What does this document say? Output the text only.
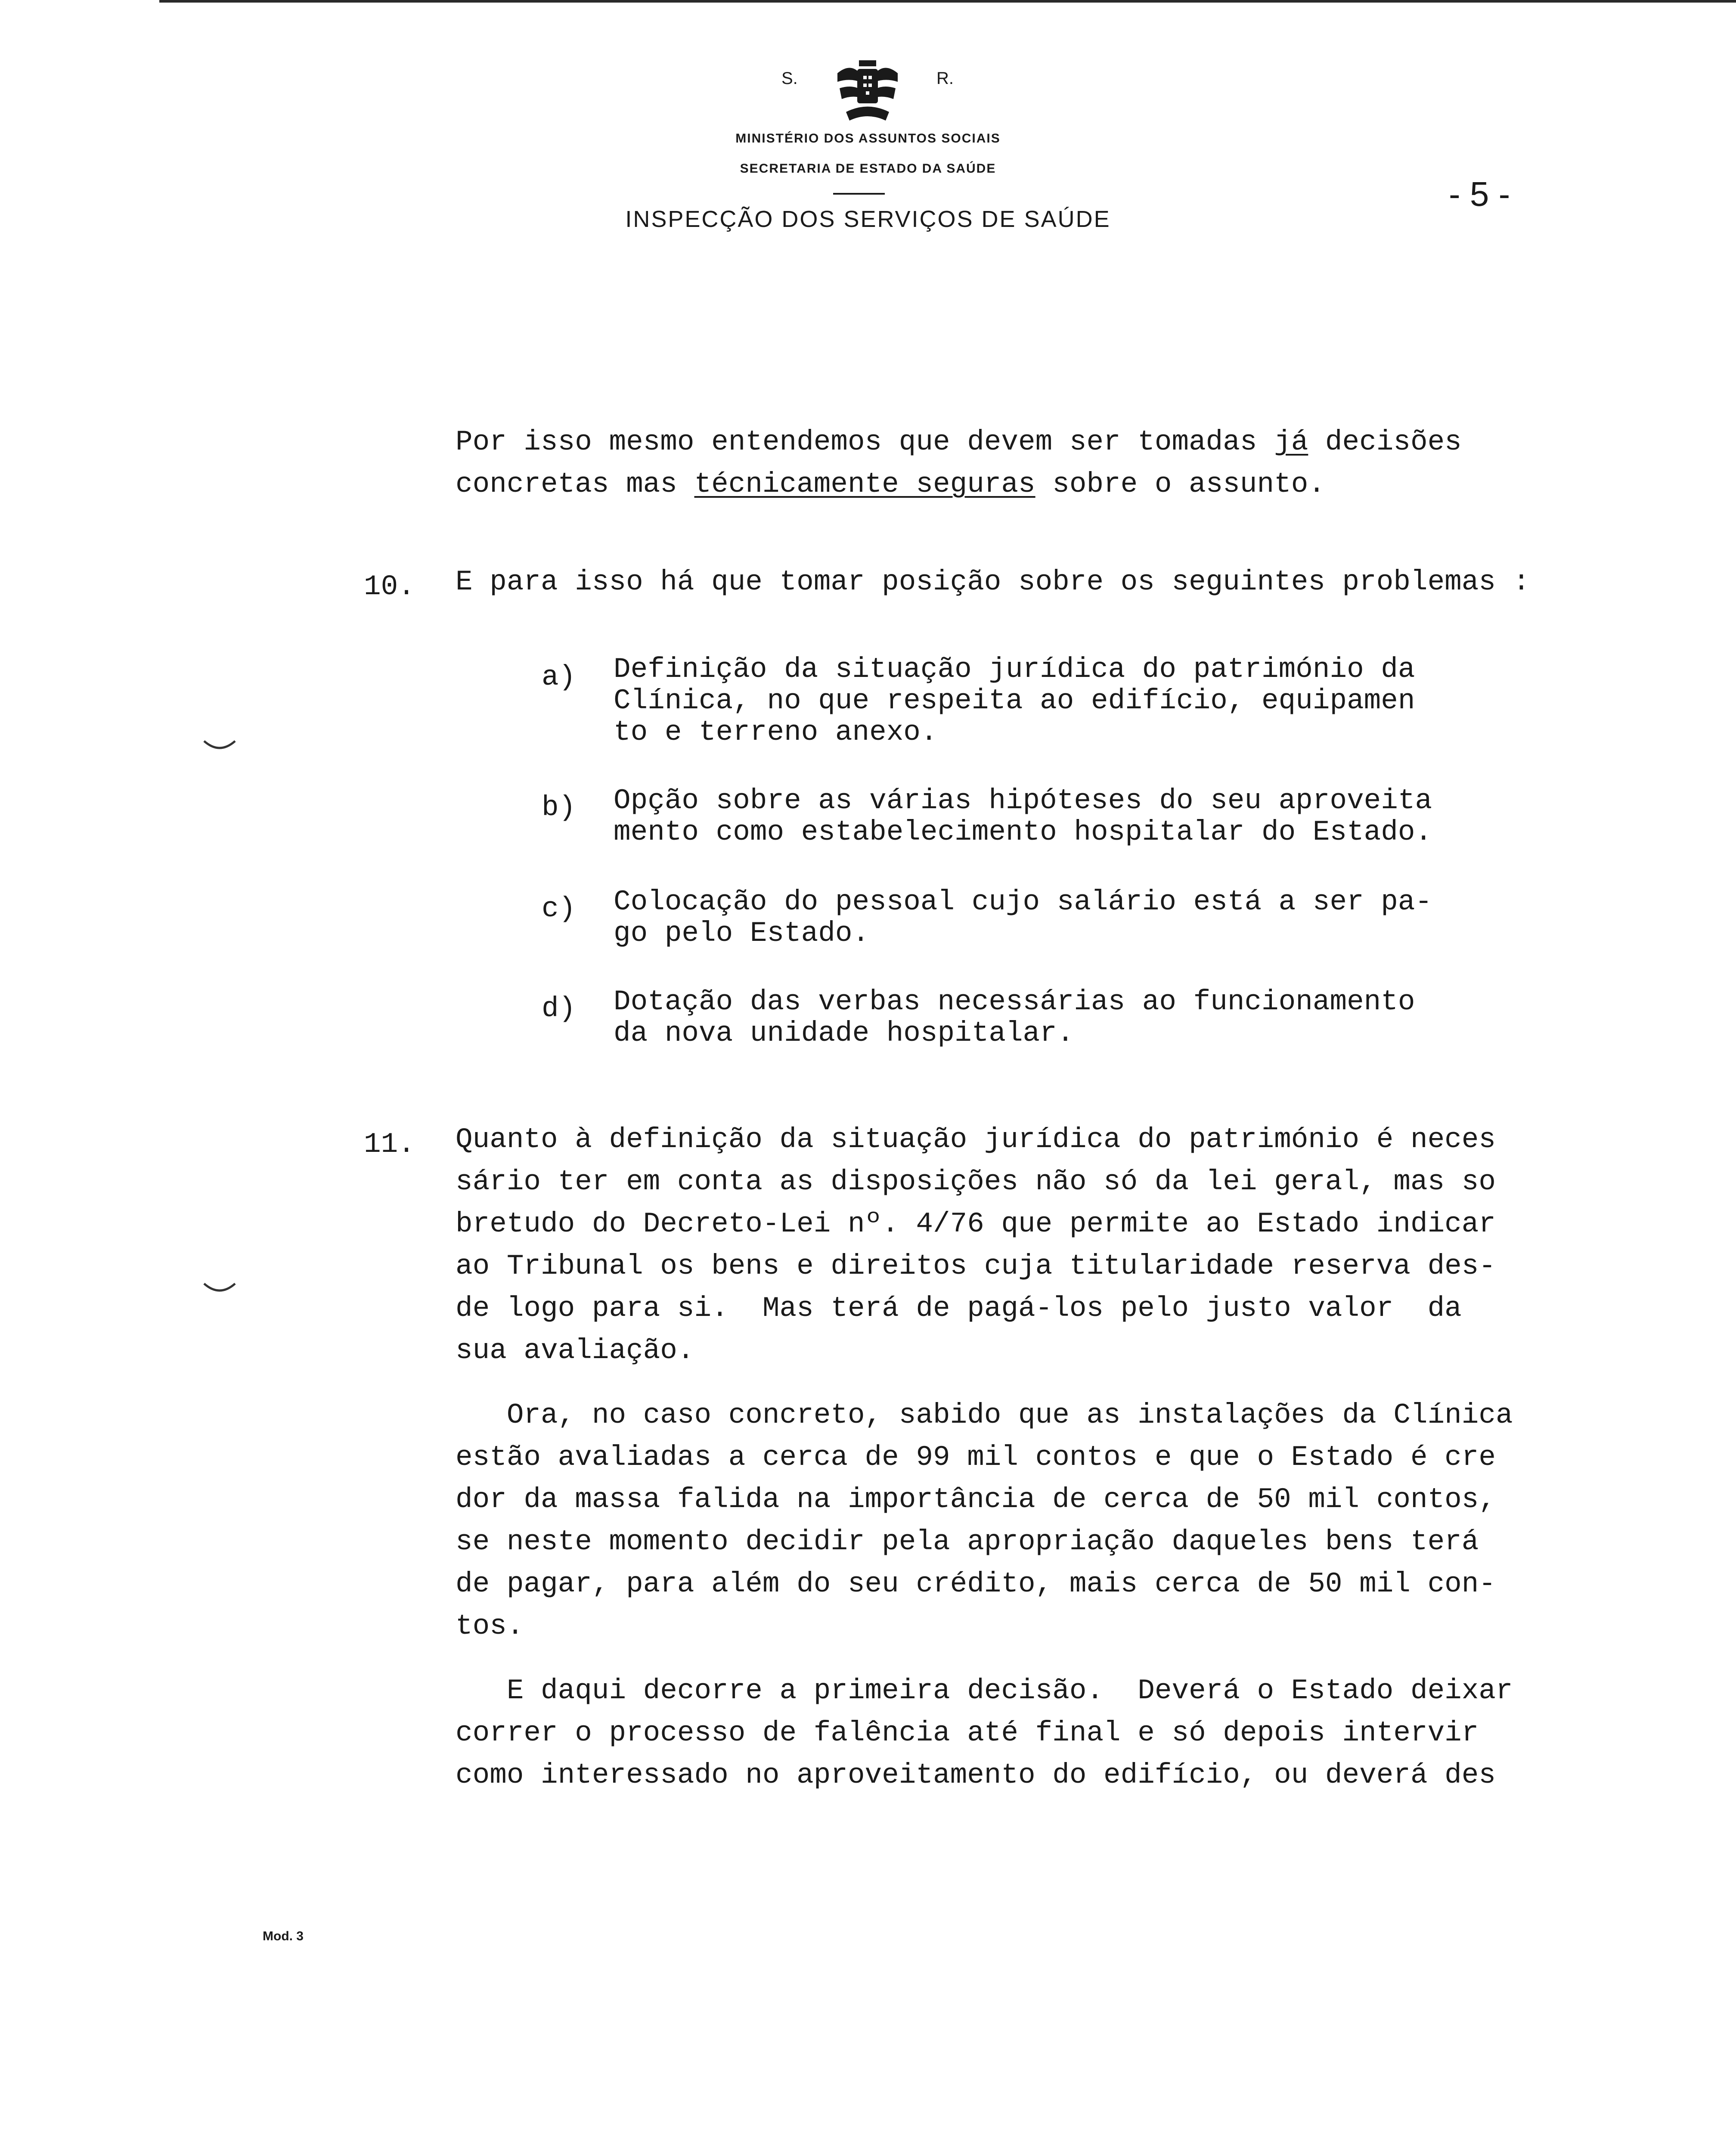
S.	R.
MINISTÉRIO DOS ASSUNTOS SOCIAIS
SECRETARIA DE ESTADO DA SAÚDE
INSPECÇÃO DOS SERVIÇOS DE SAÚDE
- 5 -
Por isso mesmo entendemos que devem ser tomadas já decisões
concretas mas técnicamente seguras sobre o assunto.
10. E para isso há que tomar posição sobre os seguintes problemas :
a) Definição da situação jurídica do património da
Clínica, no que respeita ao edifício, equipamen
to e terreno anexo.
b) Opção sobre as várias hipóteses do seu aproveita
mento como estabelecimento hospitalar do Estado.
c) Colocação do pessoal cujo salário está a ser pa-
go pelo Estado.
d) Dotação das verbas necessárias ao funcionamento
da nova unidade hospitalar.
11. Quanto à definição da situação jurídica do património é neces
sário ter em conta as disposições não só da lei geral, mas so
bretudo do Decreto-Lei nº. 4/76 que permite ao Estado indicar
ao Tribunal os bens e direitos cuja titularidade reserva des-
de logo para si.  Mas terá de pagá-los pelo justo valor  da
sua avaliação.
Ora, no caso concreto, sabido que as instalações da Clínica
estão avaliadas a cerca de 99 mil contos e que o Estado é cre
dor da massa falida na importância de cerca de 50 mil contos,
se neste momento decidir pela apropriação daqueles bens terá
de pagar, para além do seu crédito, mais cerca de 50 mil con-
tos.
E daqui decorre a primeira decisão.  Deverá o Estado deixar
correr o processo de falência até final e só depois intervir
como interessado no aproveitamento do edifício, ou deverá des
Mod. 3
